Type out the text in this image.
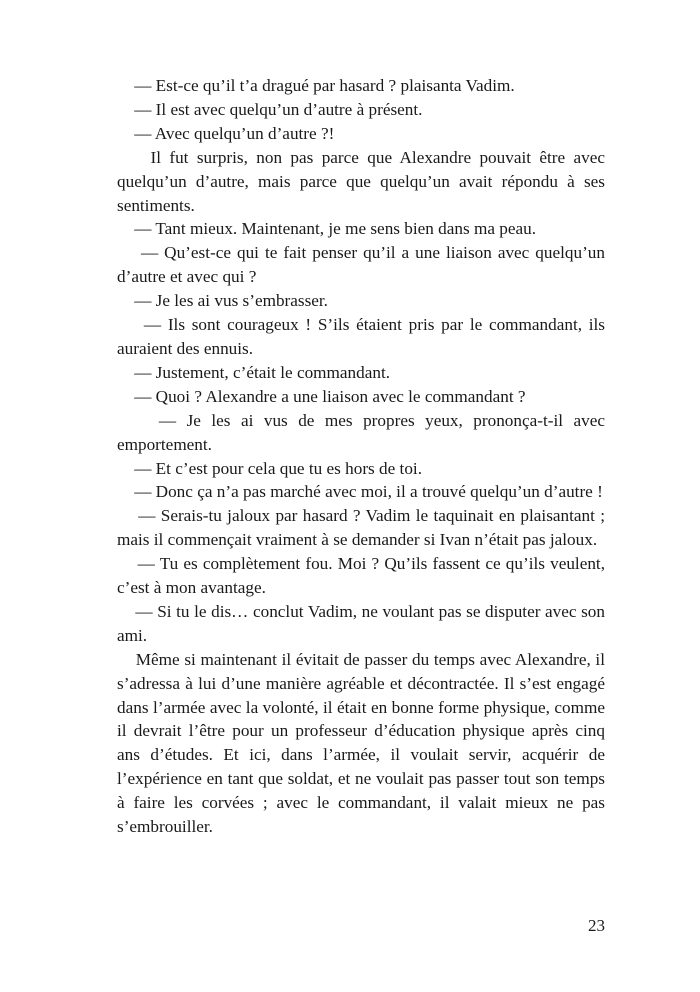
— Est-ce qu’il t’a dragué par hasard ? plaisanta Vadim.

— Il est avec quelqu’un d’autre à présent.

— Avec quelqu’un d’autre ?!

Il fut surpris, non pas parce que Alexandre pouvait être avec quelqu’un d’autre, mais parce que quelqu’un avait répondu à ses sentiments.

— Tant mieux. Maintenant, je me sens bien dans ma peau.

— Qu’est-ce qui te fait penser qu’il a une liaison avec quelqu’un d’autre et avec qui ?

— Je les ai vus s’embrasser.

— Ils sont courageux ! S’ils étaient pris par le commandant, ils auraient des ennuis.

— Justement, c’était le commandant.

— Quoi ? Alexandre a une liaison avec le commandant ?

— Je les ai vus de mes propres yeux, prononça-t-il avec emportement.

— Et c’est pour cela que tu es hors de toi.

— Donc ça n’a pas marché avec moi, il a trouvé quelqu’un d’autre !

— Serais-tu jaloux par hasard ? Vadim le taquinait en plaisantant ; mais il commençait vraiment à se demander si Ivan n’était pas jaloux.

— Tu es complètement fou. Moi ? Qu’ils fassent ce qu’ils veulent, c’est à mon avantage.

— Si tu le dis… conclut Vadim, ne voulant pas se disputer avec son ami.

Même si maintenant il évitait de passer du temps avec Alexandre, il s’adressa à lui d’une manière agréable et décontractée. Il s’est engagé dans l’armée avec la volonté, il était en bonne forme physique, comme il devrait l’être pour un professeur d’éducation physique après cinq ans d’études. Et ici, dans l’armée, il voulait servir, acquérir de l’expérience en tant que soldat, et ne voulait pas passer tout son temps à faire les corvées ; avec le commandant, il valait mieux ne pas s’embrouiller.

23
